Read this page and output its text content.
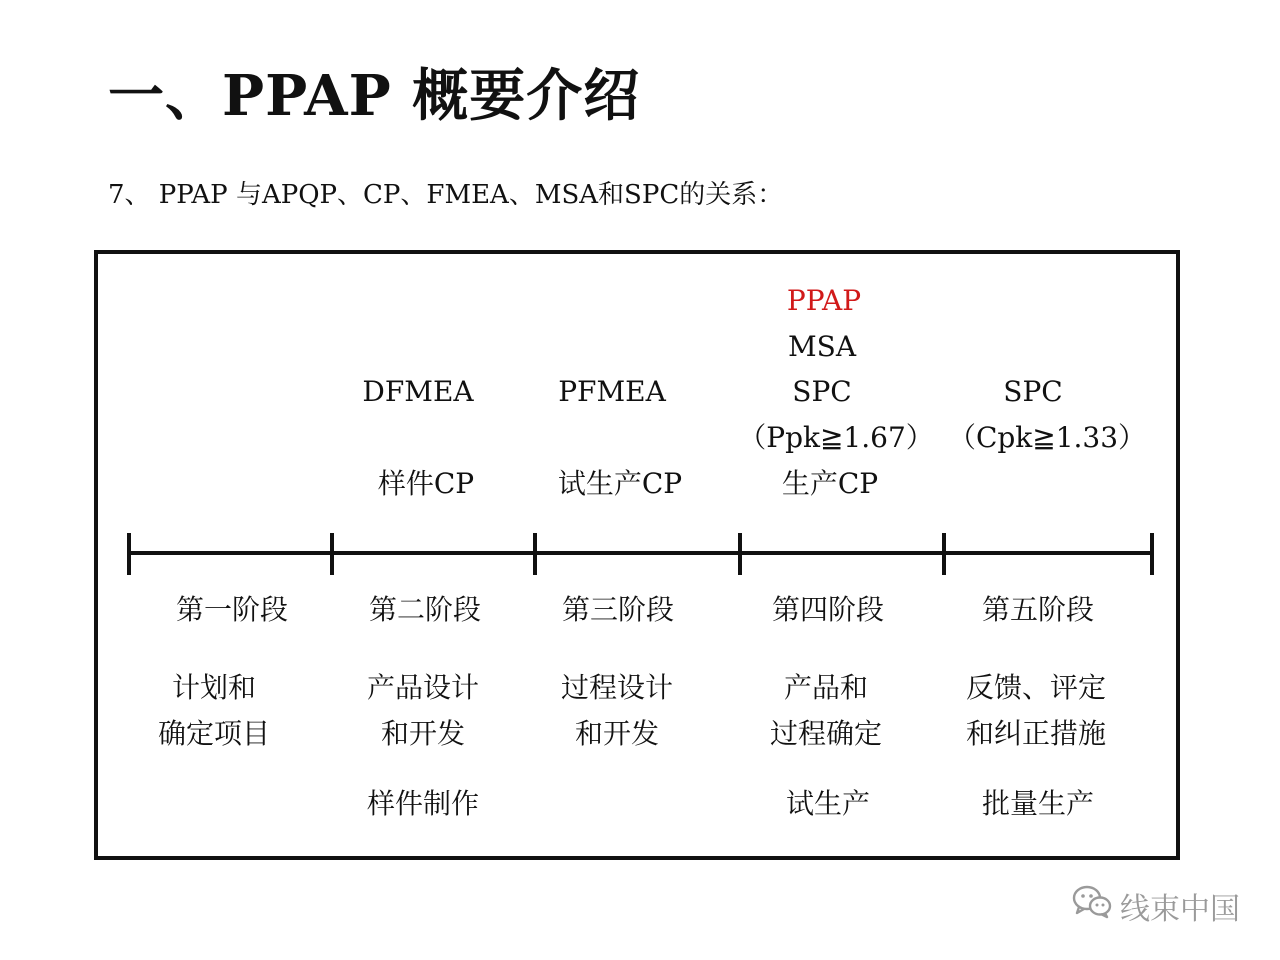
一、PPAP 概要介绍
7、 PPAP 与APQP、CP、FMEA、MSA和SPC的关系：
DFMEA
样件CP
PFMEA
试生产CP
PPAP
MSA
SPC
（Ppk≧1.67）
生产CP
SPC
（Cpk≧1.33）
第一阶段
计划和
确定项目
第二阶段
产品设计
和开发
样件制作
第三阶段
过程设计
和开发
第四阶段
产品和
过程确定
试生产
第五阶段
反馈、评定
和纠正措施
批量生产
线束中国
